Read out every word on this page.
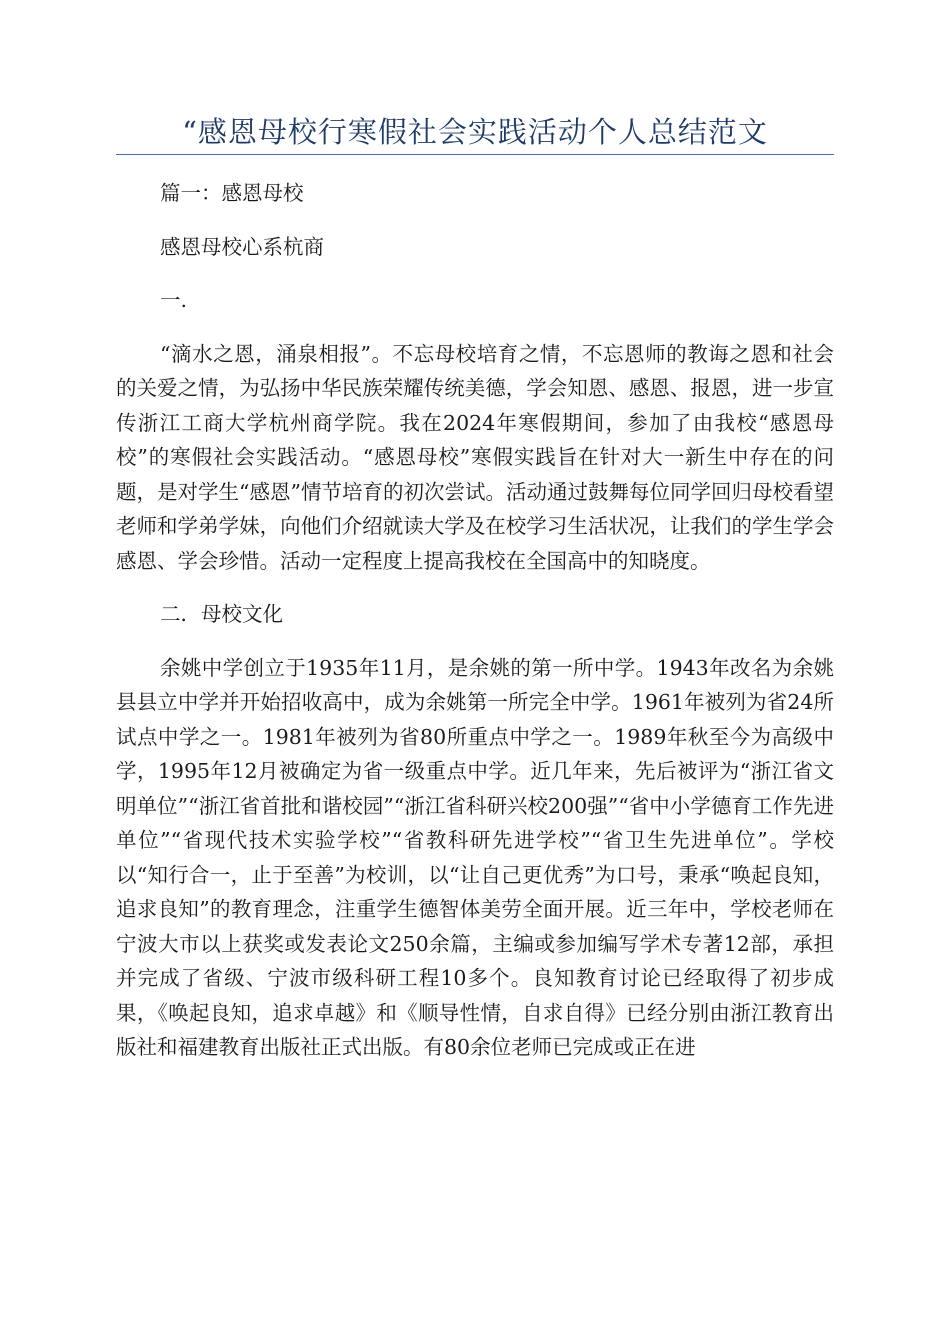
“感恩母校行寒假社会实践活动个人总结范文

篇一：感恩母校

感恩母校心系杭商

一.

“滴水之恩，涌泉相报”。不忘母校培育之情，不忘恩师的教诲之恩和社会的关爱之情，为弘扬中华民族荣耀传统美德，学会知恩、感恩、报恩，进一步宣传浙江工商大学杭州商学院。我在2024年寒假期间，参加了由我校“感恩母校”的寒假社会实践活动。“感恩母校”寒假实践旨在针对大一新生中存在的问题，是对学生“感恩”情节培育的初次尝试。活动通过鼓舞每位同学回归母校看望老师和学弟学妹，向他们介绍就读大学及在校学习生活状况，让我们的学生学会感恩、学会珍惜。活动一定程度上提高我校在全国高中的知晓度。

二．母校文化

余姚中学创立于1935年11月，是余姚的第一所中学。1943年改名为余姚县县立中学并开始招收高中，成为余姚第一所完全中学。1961年被列为省24所试点中学之一。1981年被列为省80所重点中学之一。1989年秋至今为高级中学，1995年12月被确定为省一级重点中学。近几年来，先后被评为“浙江省文明单位”“浙江省首批和谐校园”“浙江省科研兴校200强”“省中小学德育工作先进单位”“省现代技术实验学校”“省教科研先进学校”“省卫生先进单位”。学校以“知行合一，止于至善”为校训，以“让自己更优秀”为口号，秉承“唤起良知，追求良知”的教育理念，注重学生德智体美劳全面开展。近三年中，学校老师在宁波大市以上获奖或发表论文250余篇，主编或参加编写学术专著12部，承担并完成了省级、宁波市级科研工程10多个。良知教育讨论已经取得了初步成果，《唤起良知，追求卓越》和《顺导性情，自求自得》已经分别由浙江教育出版社和福建教育出版社正式出版。有80余位老师已完成或正在进
